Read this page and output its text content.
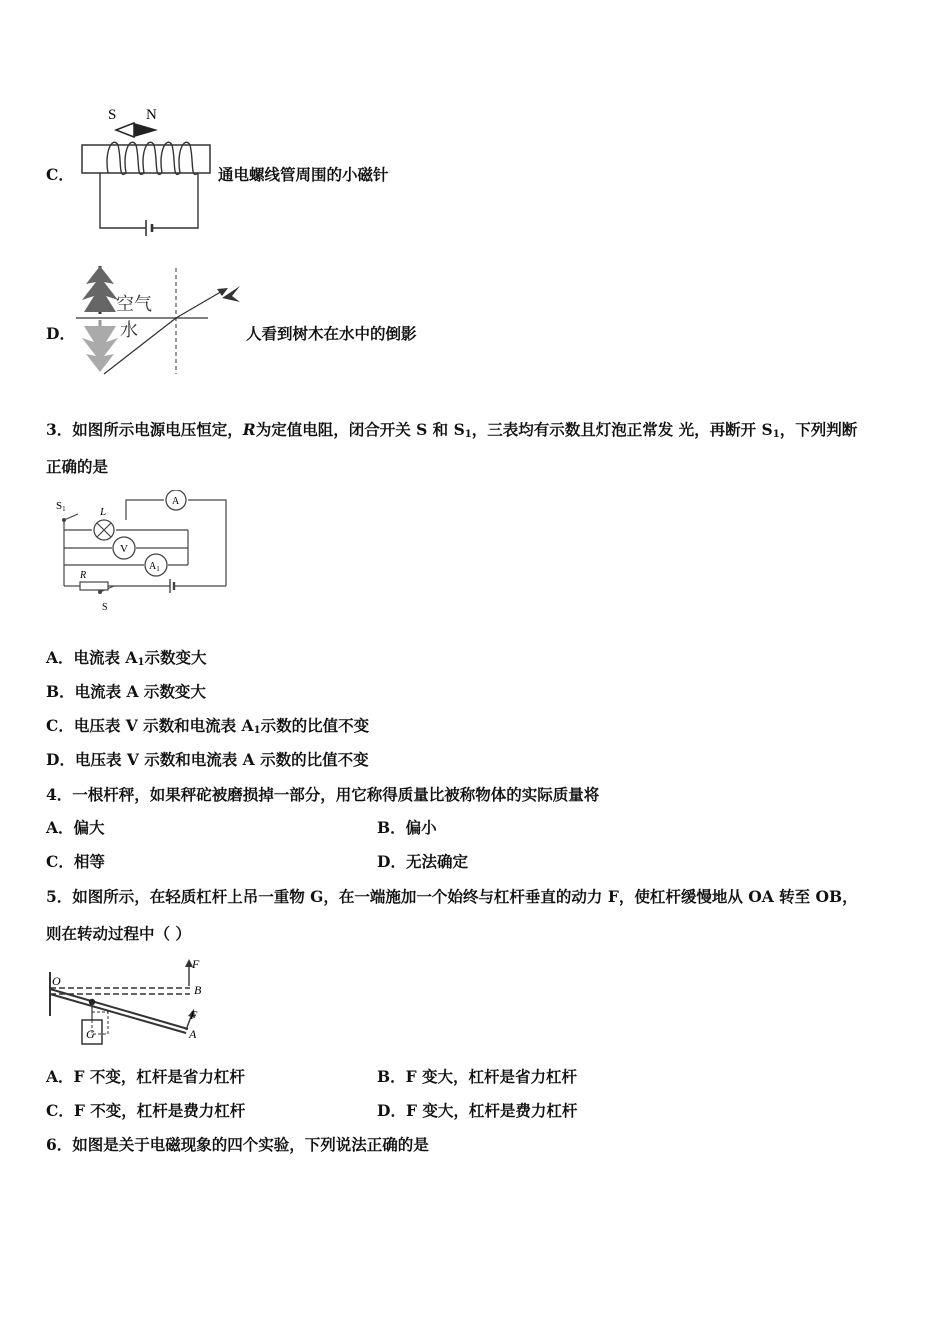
C．
S N
通电螺线管周围的小磁针
D．
空气
水	人看到树木在水中的倒影
3．如图所示电源电压恒定，R为定值电阻，闭合开关 S 和 $S_1$，三表均有示数且灯泡正常发 光，再断开 $S_1$，下列判断
正确的是
S1	L
A
V
$A_1$
R
S
A．电流表 $A_1$示数变大
B．电流表 A 示数变大
C．电压表 V 示数和电流表 $A_1$示数的比值不变
D．电压表 V 示数和电流表 A 示数的比值不变
4．一根杆秤，如果秤砣被磨损掉一部分，用它称得质量比被称物体的实际质量将
A．偏大	B．偏小
C．相等	D．无法确定
5．如图所示，在轻质杠杆上吊一重物 G，在一端施加一个始终与杠杆垂直的动力 F，使杠杆缓慢地从 OA 转至 OB，
则在转动过程中（ ）
O
F
B
A
F
G
A．F 不变，杠杆是省力杠杆	B．F 变大，杠杆是省力杠杆
C．F 不变，杠杆是费力杠杆	D．F 变大，杠杆是费力杠杆
6．如图是关于电磁现象的四个实验，下列说法正确的是
